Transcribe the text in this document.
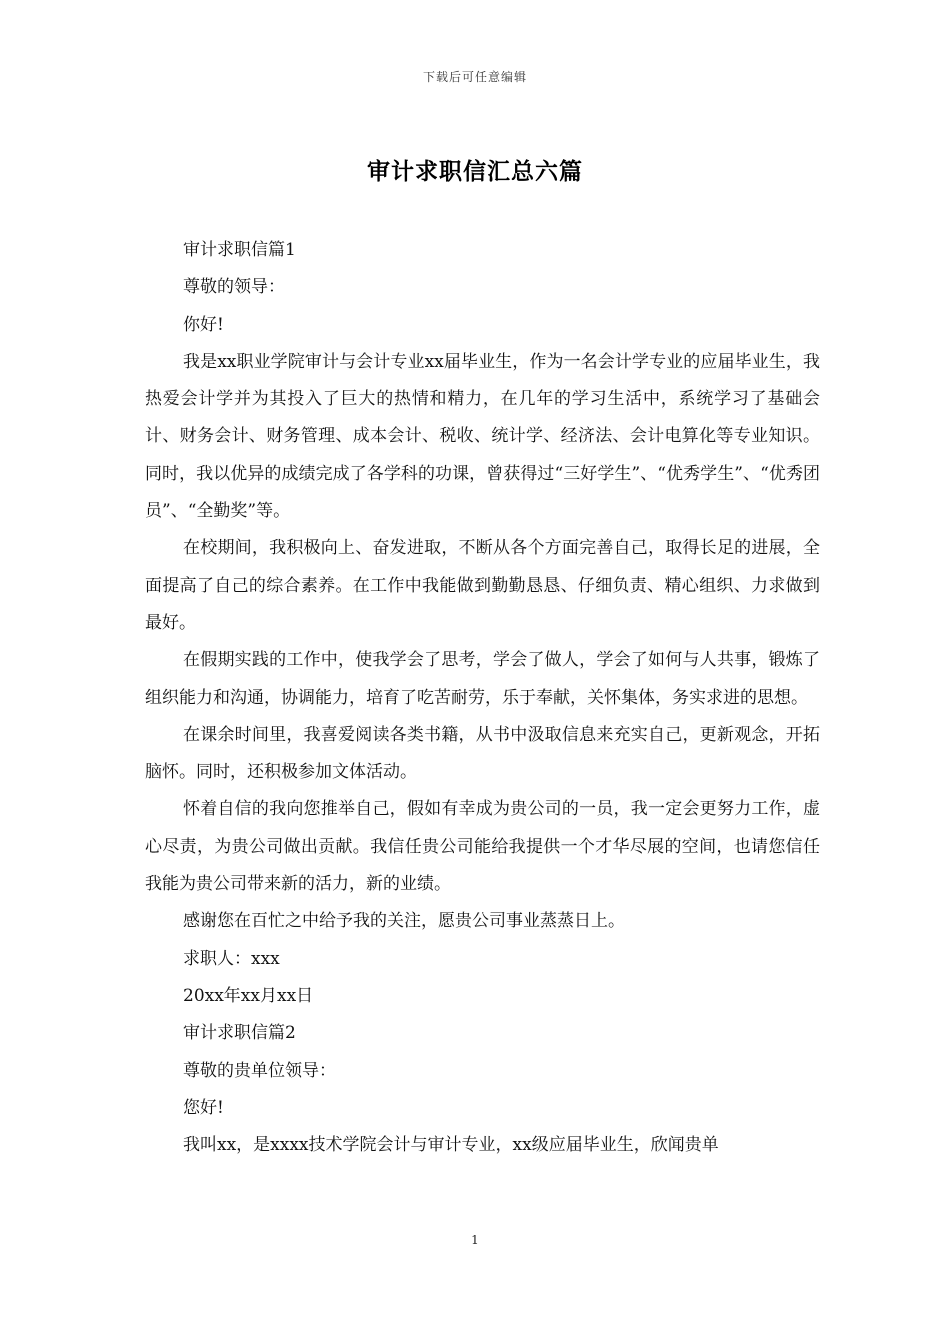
下载后可任意编辑
审计求职信汇总六篇

审计求职信篇1

尊敬的领导：

你好!

我是xx职业学院审计与会计专业xx届毕业生，作为一名会计学专业的应届毕业生，我热爱会计学并为其投入了巨大的热情和精力，在几年的学习生活中，系统学习了基础会计、财务会计、财务管理、成本会计、税收、统计学、经济法、会计电算化等专业知识。同时，我以优异的成绩完成了各学科的功课，曾获得过“三好学生”、“优秀学生”、“优秀团员”、“全勤奖”等。

在校期间，我积极向上、奋发进取，不断从各个方面完善自己，取得长足的进展，全面提高了自己的综合素养。在工作中我能做到勤勤恳恳、仔细负责、精心组织、力求做到最好。

在假期实践的工作中，使我学会了思考，学会了做人，学会了如何与人共事，锻炼了组织能力和沟通，协调能力，培育了吃苦耐劳，乐于奉献，关怀集体，务实求进的思想。

在课余时间里，我喜爱阅读各类书籍，从书中汲取信息来充实自己，更新观念，开拓脑怀。同时，还积极参加文体活动。

怀着自信的我向您推举自己，假如有幸成为贵公司的一员，我一定会更努力工作，虚心尽责，为贵公司做出贡献。我信任贵公司能给我提供一个才华尽展的空间，也请您信任我能为贵公司带来新的活力，新的业绩。

感谢您在百忙之中给予我的关注，愿贵公司事业蒸蒸日上。

求职人：xxx

20xx年xx月xx日

审计求职信篇2

尊敬的贵单位领导：

您好!

我叫xx，是xxxx技术学院会计与审计专业，xx级应届毕业生，欣闻贵单

1
